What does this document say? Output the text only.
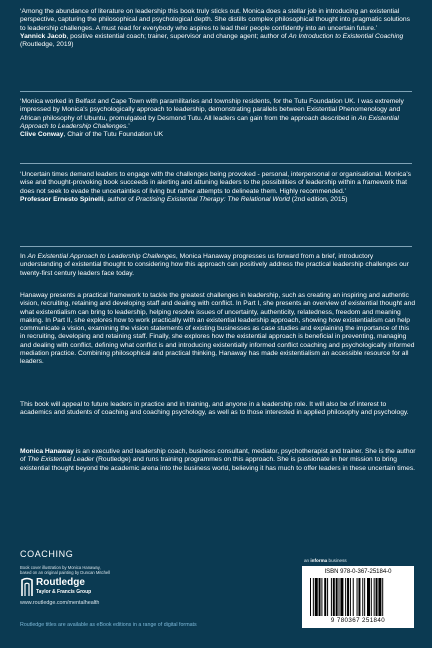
‘Among the abundance of literature on leadership this book truly sticks out. Monica does a stellar job in introducing an existential perspective, capturing the philosophical and psychological depth. She distills complex philosophical thought into pragmatic solutions to leadership challenges. A must read for everybody who aspires to lead their people confidently into an uncertain future.’
Yannick Jacob, positive existential coach; trainer, supervisor and change agent; author of An Introduction to Existential Coaching (Routledge, 2019)

‘Monica worked in Belfast and Cape Town with paramilitaries and township residents, for the Tutu Foundation UK. I was extremely impressed by Monica’s psychologically approach to leadership, demonstrating parallels between Existential Phenomenology and African philosophy of Ubuntu, promulgated by Desmond Tutu. All leaders can gain from the approach described in An Existential Approach to Leadership Challenges.’
Clive Conway, Chair of the Tutu Foundation UK

‘Uncertain times demand leaders to engage with the challenges being provoked - personal, interpersonal or organisational. Monica’s wise and thought-provoking book succeeds in alerting and attuning leaders to the possibilities of leadership within a framework that does not seek to evade the uncertainties of living but rather attempts to delineate them. Highly recommended.’
Professor Ernesto Spinelli, author of Practising Existential Therapy: The Relational World (2nd edition, 2015)

In An Existential Approach to Leadership Challenges, Monica Hanaway progresses us forward from a brief, introductory understanding of existential thought to considering how this approach can positively address the practical leadership challenges our twenty-first century leaders face today.

Hanaway presents a practical framework to tackle the greatest challenges in leadership, such as creating an inspiring and authentic vision, recruiting, retaining and developing staff and dealing with conflict. In Part I, she presents an overview of existential thought and what existentialism can bring to leadership, helping resolve issues of uncertainty, authenticity, relatedness, freedom and meaning making. In Part II, she explores how to work practically with an existential leadership approach, showing how existentialism can help communicate a vision, examining the vision statements of existing businesses as case studies and explaining the importance of this in recruiting, developing and retaining staff. Finally, she explores how the existential approach is beneficial in preventing, managing and dealing with conflict, defining what conflict is and introducing existentially informed conflict coaching and psychologically informed mediation practice. Combining philosophical and practical thinking, Hanaway has made existentialism an accessible resource for all leaders.

This book will appeal to future leaders in practice and in training, and anyone in a leadership role. It will also be of interest to academics and students of coaching and coaching psychology, as well as to those interested in applied philosophy and psychology.

Monica Hanaway is an executive and leadership coach, business consultant, mediator, psychotherapist and trainer. She is the author of The Existential Leader (Routledge) and runs training programmes on this approach. She is passionate in her mission to bring existential thought beyond the academic arena into the business world, believing it has much to offer leaders in these uncertain times.

COACHING
Book cover illustration by Monica Hanaway,
based on an original painting by Duncan Mitchell
Routledge
Taylor & Francis Group
www.routledge.com/mentalhealth
Routledge titles are available as eBook editions in a range of digital formats
an informa business
ISBN 978-0-367-25184-0
9 780367 251840
